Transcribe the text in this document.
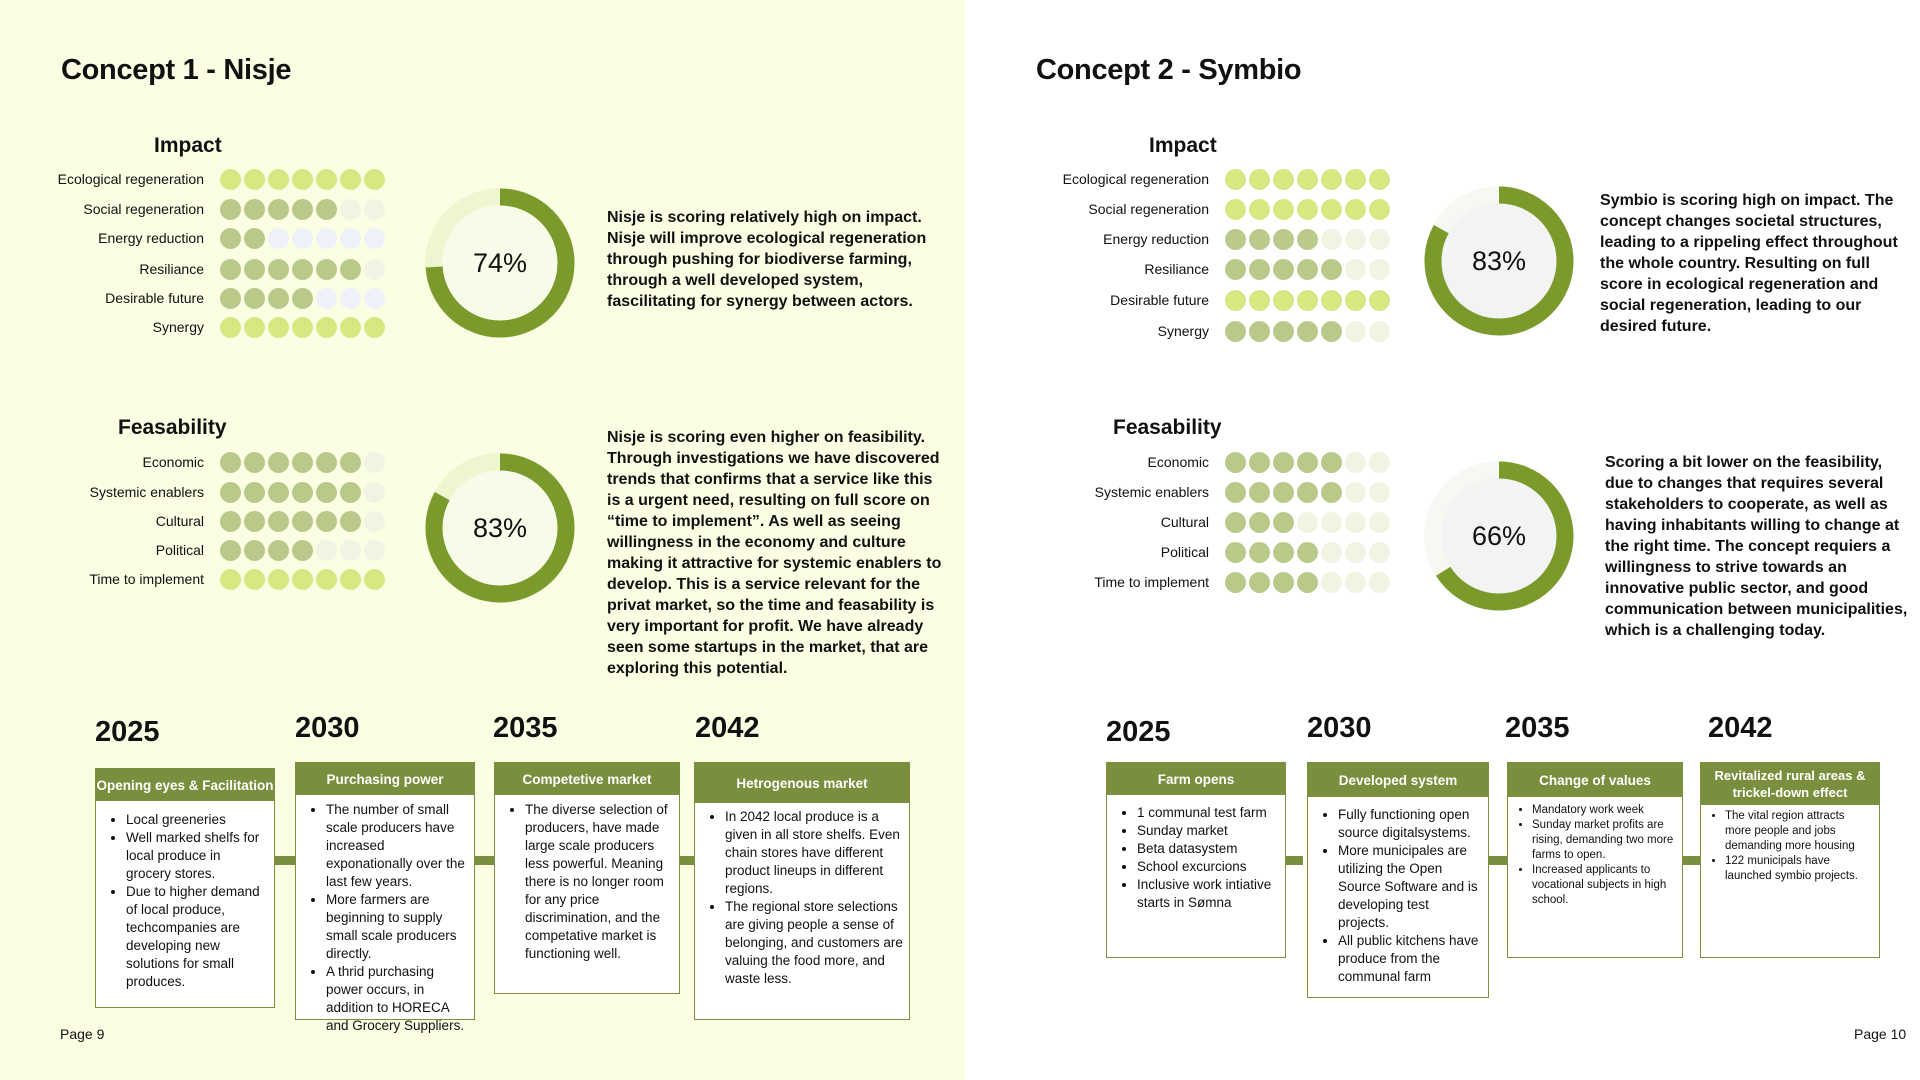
Concept 1 - Nisje
Impact
Ecological regeneration
Social regeneration
Energy reduction
Resiliance
Desirable future
Synergy
74%
Nisje is scoring relatively high on impact. Nisje will improve ecological regeneration through pushing for biodiverse farming, through a well developed system, fascilitating for synergy between actors.
Feasability
Economic
Systemic enablers
Cultural
Political
Time to implement
83%
Nisje is scoring even higher on feasibility. Through investigations we have discovered trends that confirms that a service like this is a urgent need, resulting on full score on “time to implement”. As well as seeing willingness in the economy and culture making it attractive for systemic enablers to develop. This is a service relevant for the privat market, so the time and feasability is very important for profit. We have already seen some startups in the market, that are exploring this potential.
2025
Opening eyes & Facilitation
• Local greeneries
• Well marked shelfs for local produce in grocery stores.
• Due to higher demand of local produce, techcompanies are developing new solutions for small produces.
2030
Purchasing power
• The number of small scale producers have increased exponationally over the last few years.
• More farmers are beginning to supply small scale producers directly.
• A thrid purchasing power occurs, in addition to HORECA and Grocery Suppliers.
2035
Competetive market
• The diverse selection of producers, have made large scale producers less powerful. Meaning there is no longer room for any price discrimination, and the competative market is functioning well.
2042
Hetrogenous market
• In 2042 local produce is a given in all store shelfs. Even chain stores have different product lineups in different regions.
• The regional store selections are giving people a sense of belonging, and customers are valuing the food more, and waste less.
Page 9
Concept 2 - Symbio
Impact
Ecological regeneration
Social regeneration
Energy reduction
Resiliance
Desirable future
Synergy
83%
Symbio is scoring high on impact. The concept changes societal structures, leading to a rippeling effect throughout the whole country. Resulting on full score in ecological regeneration and social regeneration, leading to our desired future.
Feasability
Economic
Systemic enablers
Cultural
Political
Time to implement
66%
Scoring a bit lower on the feasibility, due to changes that requires several stakeholders to cooperate, as well as having inhabitants willing to change at the right time. The concept requiers a willingness to strive towards an innovative public sector, and good communication between municipalities, which is a challenging today.
2025
Farm opens
• 1 communal test farm
• Sunday market
• Beta datasystem
• School excurcions
• Inclusive work intiative starts in Sømna
2030
Developed system
• Fully functioning open source digitalsystems.
• More municipales are utilizing the Open Source Software and is developing test projects.
• All public kitchens have produce from the communal farm
2035
Change of values
• Mandatory work week
• Sunday market profits are rising, demanding two more farms to open.
• Increased applicants to vocational subjects in high school.
2042
Revitalized rural areas & trickel-down effect
• The vital region attracts more people and jobs demanding more housing
• 122 municipals have launched symbio projects.
Page 10
